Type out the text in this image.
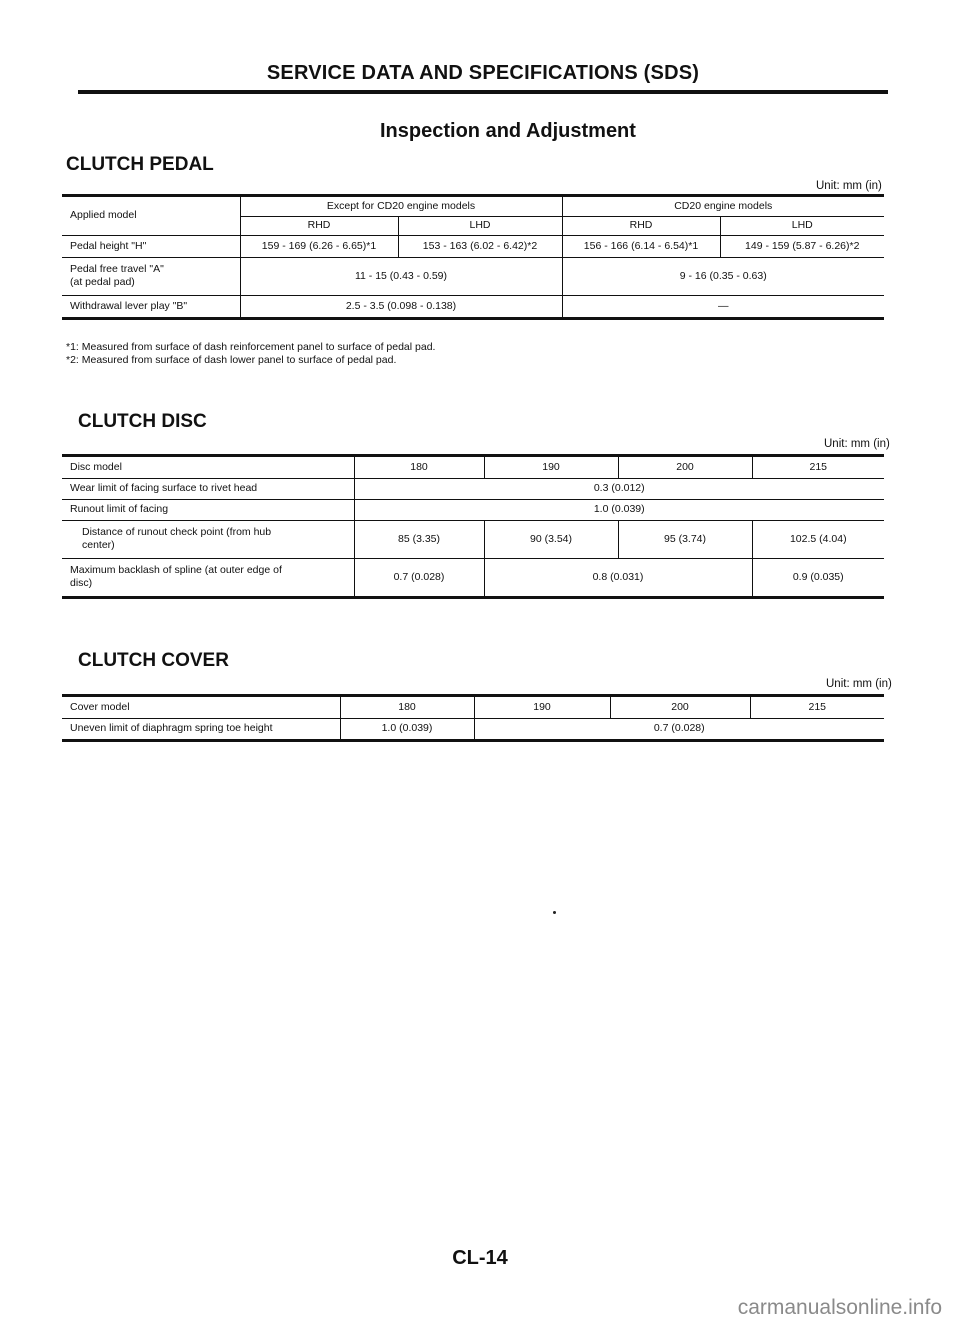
SERVICE DATA AND SPECIFICATIONS (SDS)
Inspection and Adjustment
CLUTCH PEDAL
Unit: mm (in)
Applied model	Except for CD20 engine models		CD20 engine models	
	RHD	LHD	RHD	LHD
Pedal height "H"	159 - 169 (6.26 - 6.65)*1	153 - 163 (6.02 - 6.42)*2	156 - 166 (6.14 - 6.54)*1	149 - 159 (5.87 - 6.26)*2
Pedal free travel "A"
(at pedal pad)	11 - 15 (0.43 - 0.59)		9 - 16 (0.35 - 0.63)	
Withdrawal lever play "B"	2.5 - 3.5 (0.098 - 0.138)		—	
*1: Measured from surface of dash reinforcement panel to surface of pedal pad.
*2: Measured from surface of dash lower panel to surface of pedal pad.
CLUTCH DISC
Unit: mm (in)
Disc model	180	190	200	215
Wear limit of facing surface to rivet head	0.3 (0.012)			
Runout limit of facing	1.0 (0.039)			
Distance of runout check point (from hub
center)	85 (3.35)	90 (3.54)	95 (3.74)	102.5 (4.04)
Maximum backlash of spline (at outer edge of
disc)	0.7 (0.028)	0.8 (0.031)		0.9 (0.035)
CLUTCH COVER
Unit: mm (in)
Cover model	180	190	200	215
Uneven limit of diaphragm spring toe height	1.0 (0.039)	0.7 (0.028)		
CL-14
carmanualsonline.info
